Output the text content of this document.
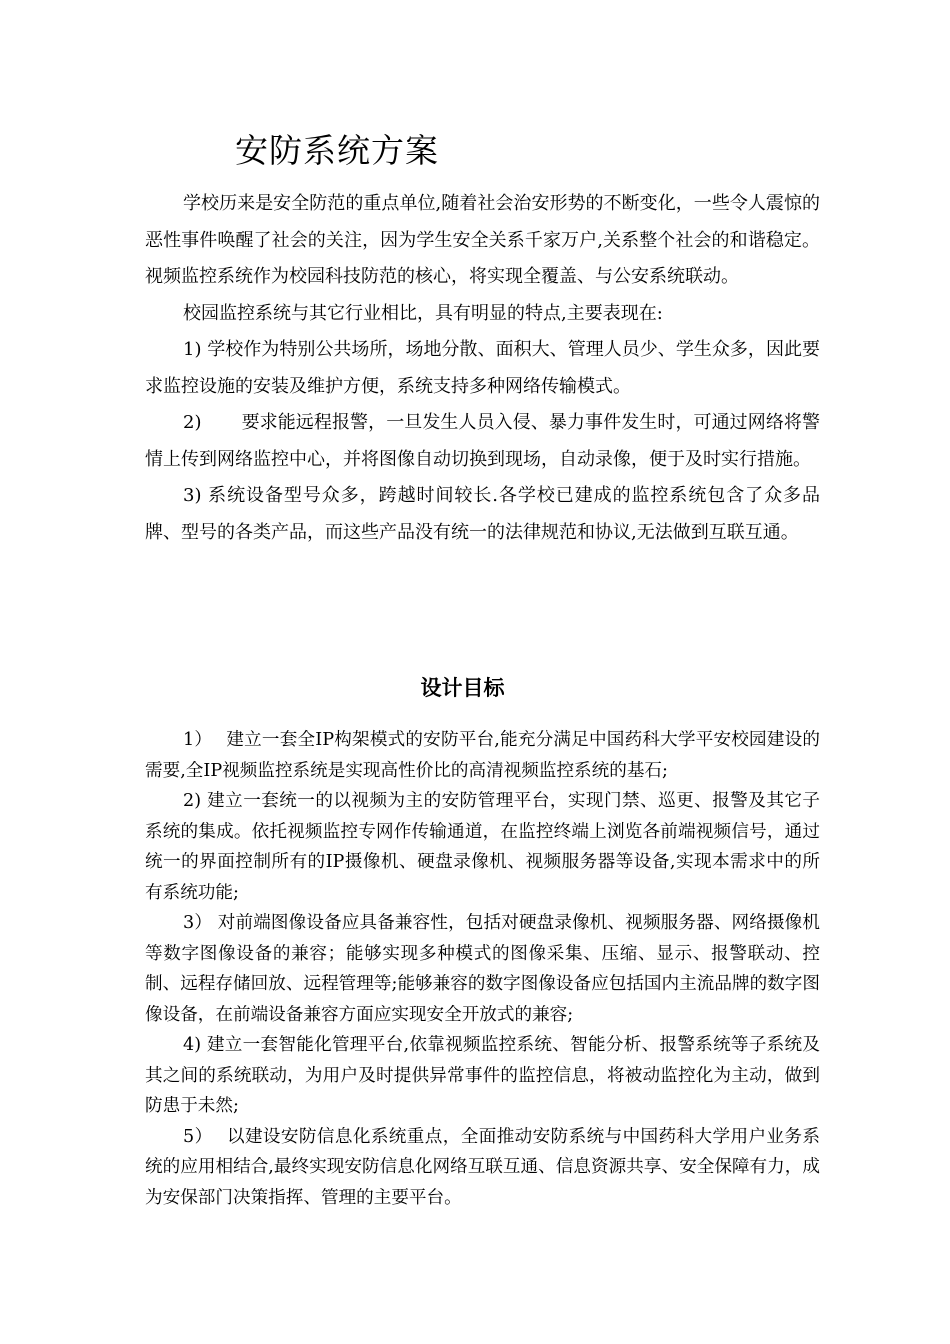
安防系统方案

学校历来是安全防范的重点单位,随着社会治安形势的不断变化，一些令人震惊的恶性事件唤醒了社会的关注，因为学生安全关系千家万户,关系整个社会的和谐稳定。视频监控系统作为校园科技防范的核心，将实现全覆盖、与公安系统联动。

校园监控系统与其它行业相比，具有明显的特点,主要表现在:

1) 学校作为特别公共场所，场地分散、面积大、管理人员少、学生众多，因此要求监控设施的安装及维护方便，系统支持多种网络传输模式。

2) 要求能远程报警，一旦发生人员入侵、暴力事件发生时，可通过网络将警情上传到网络监控中心，并将图像自动切换到现场，自动录像，便于及时实行措施。

3) 系统设备型号众多，跨越时间较长.各学校已建成的监控系统包含了众多品牌、型号的各类产品，而这些产品没有统一的法律规范和协议,无法做到互联互通。

设计目标

1） 建立一套全IP构架模式的安防平台,能充分满足中国药科大学平安校园建设的需要,全IP视频监控系统是实现高性价比的高清视频监控系统的基石;

2) 建立一套统一的以视频为主的安防管理平台，实现门禁、巡更、报警及其它子系统的集成。依托视频监控专网作传输通道，在监控终端上浏览各前端视频信号，通过统一的界面控制所有的IP摄像机、硬盘录像机、视频服务器等设备,实现本需求中的所有系统功能;

3） 对前端图像设备应具备兼容性，包括对硬盘录像机、视频服务器、网络摄像机等数字图像设备的兼容；能够实现多种模式的图像采集、压缩、显示、报警联动、控制、远程存储回放、远程管理等;能够兼容的数字图像设备应包括国内主流品牌的数字图像设备，在前端设备兼容方面应实现安全开放式的兼容;

4) 建立一套智能化管理平台,依靠视频监控系统、智能分析、报警系统等子系统及其之间的系统联动，为用户及时提供异常事件的监控信息，将被动监控化为主动，做到防患于未然;

5） 以建设安防信息化系统重点，全面推动安防系统与中国药科大学用户业务系统的应用相结合,最终实现安防信息化网络互联互通、信息资源共享、安全保障有力，成为安保部门决策指挥、管理的主要平台。
